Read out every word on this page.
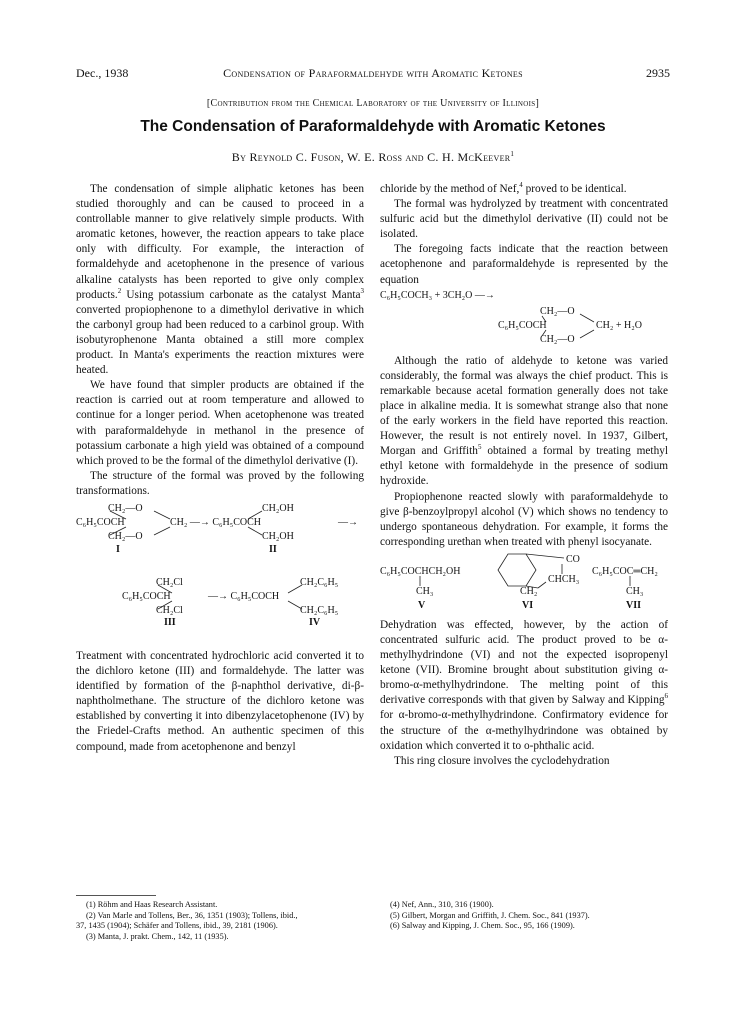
Dec., 1938	Condensation of Paraformaldehyde with Aromatic Ketones	2935
[Contribution from the Chemical Laboratory of the University of Illinois]
The Condensation of Paraformaldehyde with Aromatic Ketones
By Reynold C. Fuson, W. E. Ross and C. H. McKeever$^1$

The condensation of simple aliphatic ketones has been studied thoroughly and can be caused to proceed in a controllable manner to give relatively simple products. With aromatic ketones, however, the reaction appears to take place only with difficulty. For example, the interaction of formaldehyde and acetophenone in the presence of various alkaline catalysts has been reported to give only complex products.$^2$ Using potassium carbonate as the catalyst Manta$^3$ converted propiophenone to a dimethylol derivative in which the carbonyl group had been reduced to a carbinol group. With isobutyrophenone Manta obtained a still more complex product. In Manta's experiments the reaction mixtures were heated.

We have found that simpler products are obtained if the reaction is carried out at room temperature and allowed to continue for a longer period. When acetophenone was treated with paraformaldehyde in methanol in the presence of potassium carbonate a high yield was obtained of a compound which proved to be the formal of the dimethylol derivative (I).

The structure of the formal was proved by the following transformations.

CH₂—O	CH₂OH
C₆H₅COCH	CH₂ —→ C₆H₅COCH	—→
CH₂—O	CH₂OH
I	II
CH₂Cl	CH₂C₆H₅
C₆H₅COCH	—→ C₆H₅COCH
CH₂Cl	CH₂C₆H₅
III	IV

Treatment with concentrated hydrochloric acid converted it to the dichloro ketone (III) and formaldehyde. The latter was identified by formation of the β-naphthol derivative, di-β-naphtholmethane. The structure of the dichloro ketone was established by converting it into dibenzylacetophenone (IV) by the Friedel-Crafts method. An authentic specimen of this compound, made from acetophenone and benzyl

chloride by the method of Nef,$^4$ proved to be identical.

The formal was hydrolyzed by treatment with concentrated sulfuric acid but the dimethylol derivative (II) could not be isolated.

The foregoing facts indicate that the reaction between acetophenone and paraformaldehyde is represented by the equation

C₆H₅COCH₃ + 3CH₂O —→
CH₂—O
C₆H₅COCH	CH₂ + H₂O
CH₂—O

Although the ratio of aldehyde to ketone was varied considerably, the formal was always the chief product. This is remarkable because acetal formation generally does not take place in alkaline media. It is somewhat strange also that none of the early workers in the field have reported this reaction. However, the result is not entirely novel. In 1937, Gilbert, Morgan and Griffith$^5$ obtained a formal by treating methyl ethyl ketone with formaldehyde in the presence of sodium hydroxide.

Propiophenone reacted slowly with paraformaldehyde to give β-benzoylpropyl alcohol (V) which shows no tendency to undergo spontaneous dehydration. For example, it forms the corresponding urethan when treated with phenyl isocyanate.

CO
C₆H₅COCHCH₂OH
CHCH₃
C₆H₅COC═CH₂
CH₃	CH₂	CH₃
V	VI	VII

Dehydration was effected, however, by the action of concentrated sulfuric acid. The product proved to be α-methylhydrindone (VI) and not the expected isopropenyl ketone (VII). Bromine brought about substitution giving α-bromo-α-methylhydrindone. The melting point of this derivative corresponds with that given by Salway and Kipping$^6$ for α-bromo-α-methylhydrindone. Confirmatory evidence for the structure of the α-methylhydrindone was obtained by oxidation which converted it to o-phthalic acid.

This ring closure involves the cyclodehydration

(1) Röhm and Haas Research Assistant.
(2) Van Marle and Tollens, Ber., 36, 1351 (1903); Tollens, ibid.,
37, 1435 (1904); Schäfer and Tollens, ibid., 39, 2181 (1906).
(3) Manta, J. prakt. Chem., 142, 11 (1935).
(4) Nef, Ann., 310, 316 (1900).
(5) Gilbert, Morgan and Griffith, J. Chem. Soc., 841 (1937).
(6) Salway and Kipping, J. Chem. Soc., 95, 166 (1909).
